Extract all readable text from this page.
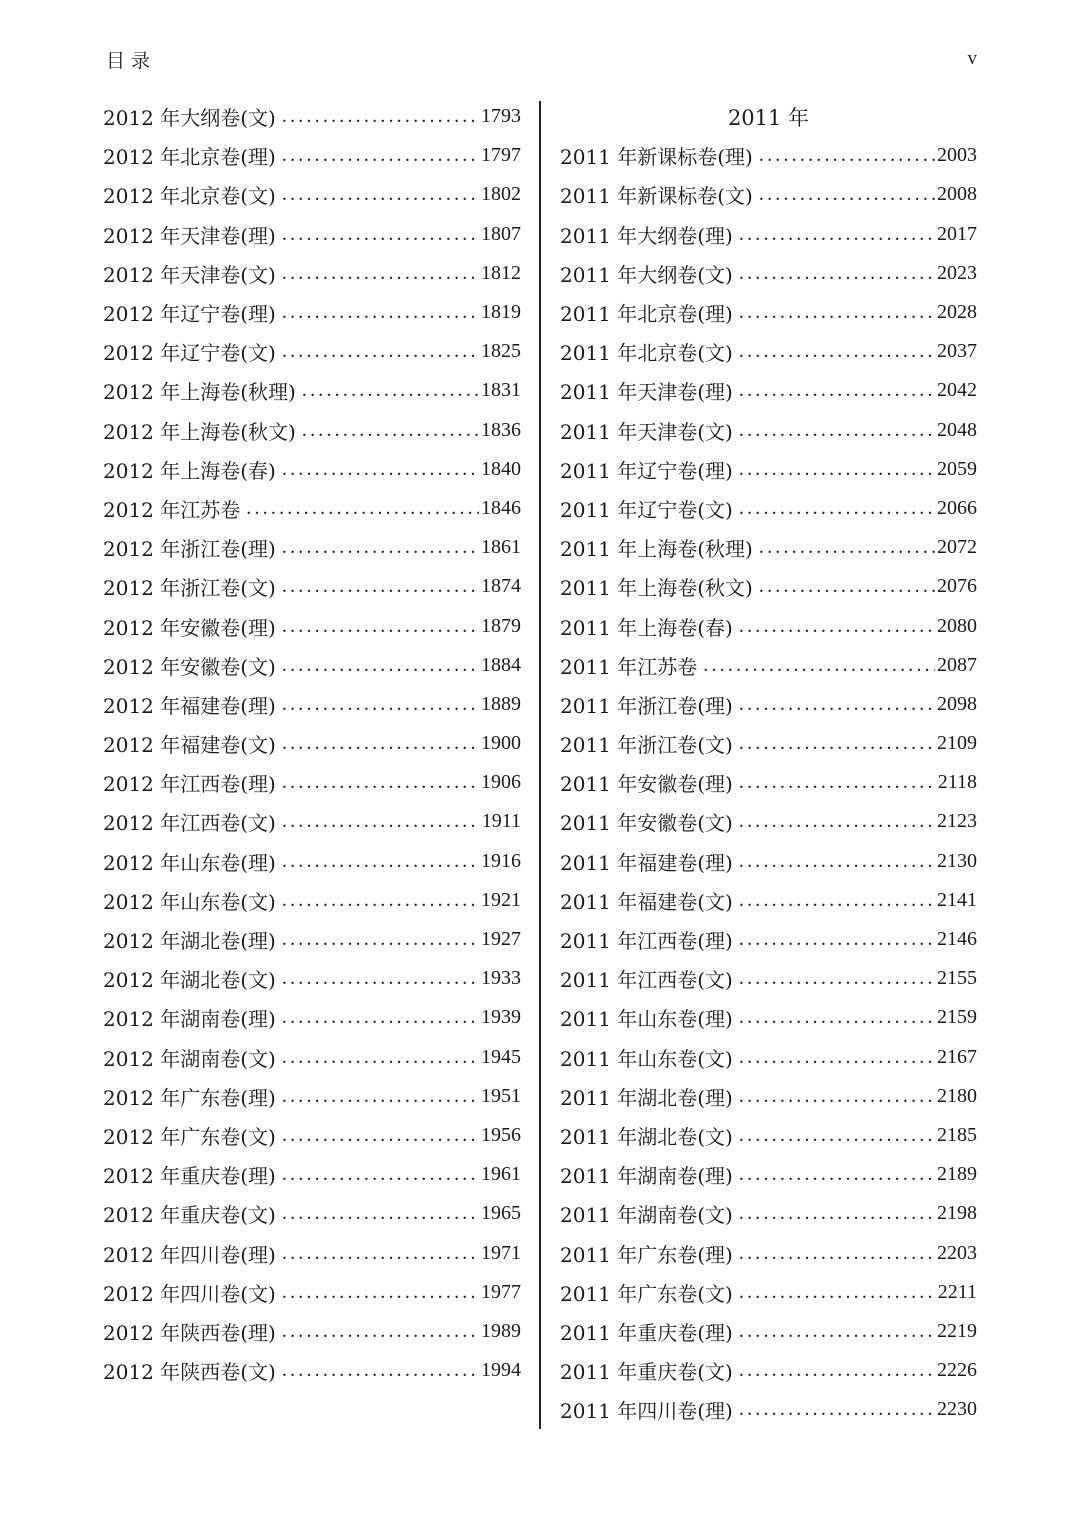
目录	v
2012 年大纲卷(文) .....	1793
2012 年北京卷(理) .....	1797
2012 年北京卷(文) .....	1802
2012 年天津卷(理) .....	1807
2012 年天津卷(文) .....	1812
2012 年辽宁卷(理) .....	1819
2012 年辽宁卷(文) .....	1825
2012 年上海卷(秋理) .....	1831
2012 年上海卷(秋文) .....	1836
2012 年上海卷(春) .....	1840
2012 年江苏卷 .....	1846
2012 年浙江卷(理) .....	1861
2012 年浙江卷(文) .....	1874
2012 年安徽卷(理) .....	1879
2012 年安徽卷(文) .....	1884
2012 年福建卷(理) .....	1889
2012 年福建卷(文) .....	1900
2012 年江西卷(理) .....	1906
2012 年江西卷(文) .....	1911
2012 年山东卷(理) .....	1916
2012 年山东卷(文) .....	1921
2012 年湖北卷(理) .....	1927
2012 年湖北卷(文) .....	1933
2012 年湖南卷(理) .....	1939
2012 年湖南卷(文) .....	1945
2012 年广东卷(理) .....	1951
2012 年广东卷(文) .....	1956
2012 年重庆卷(理) .....	1961
2012 年重庆卷(文) .....	1965
2012 年四川卷(理) .....	1971
2012 年四川卷(文) .....	1977
2012 年陕西卷(理) .....	1989
2012 年陕西卷(文) .....	1994
2011 年
2011 年新课标卷(理) .....	2003
2011 年新课标卷(文) .....	2008
2011 年大纲卷(理) .....	2017
2011 年大纲卷(文) .....	2023
2011 年北京卷(理) .....	2028
2011 年北京卷(文) .....	2037
2011 年天津卷(理) .....	2042
2011 年天津卷(文) .....	2048
2011 年辽宁卷(理) .....	2059
2011 年辽宁卷(文) .....	2066
2011 年上海卷(秋理) .....	2072
2011 年上海卷(秋文) .....	2076
2011 年上海卷(春) .....	2080
2011 年江苏卷 .....	2087
2011 年浙江卷(理) .....	2098
2011 年浙江卷(文) .....	2109
2011 年安徽卷(理) .....	2118
2011 年安徽卷(文) .....	2123
2011 年福建卷(理) .....	2130
2011 年福建卷(文) .....	2141
2011 年江西卷(理) .....	2146
2011 年江西卷(文) .....	2155
2011 年山东卷(理) .....	2159
2011 年山东卷(文) .....	2167
2011 年湖北卷(理) .....	2180
2011 年湖北卷(文) .....	2185
2011 年湖南卷(理) .....	2189
2011 年湖南卷(文) .....	2198
2011 年广东卷(理) .....	2203
2011 年广东卷(文) .....	2211
2011 年重庆卷(理) .....	2219
2011 年重庆卷(文) .....	2226
2011 年四川卷(理) .....	2230
